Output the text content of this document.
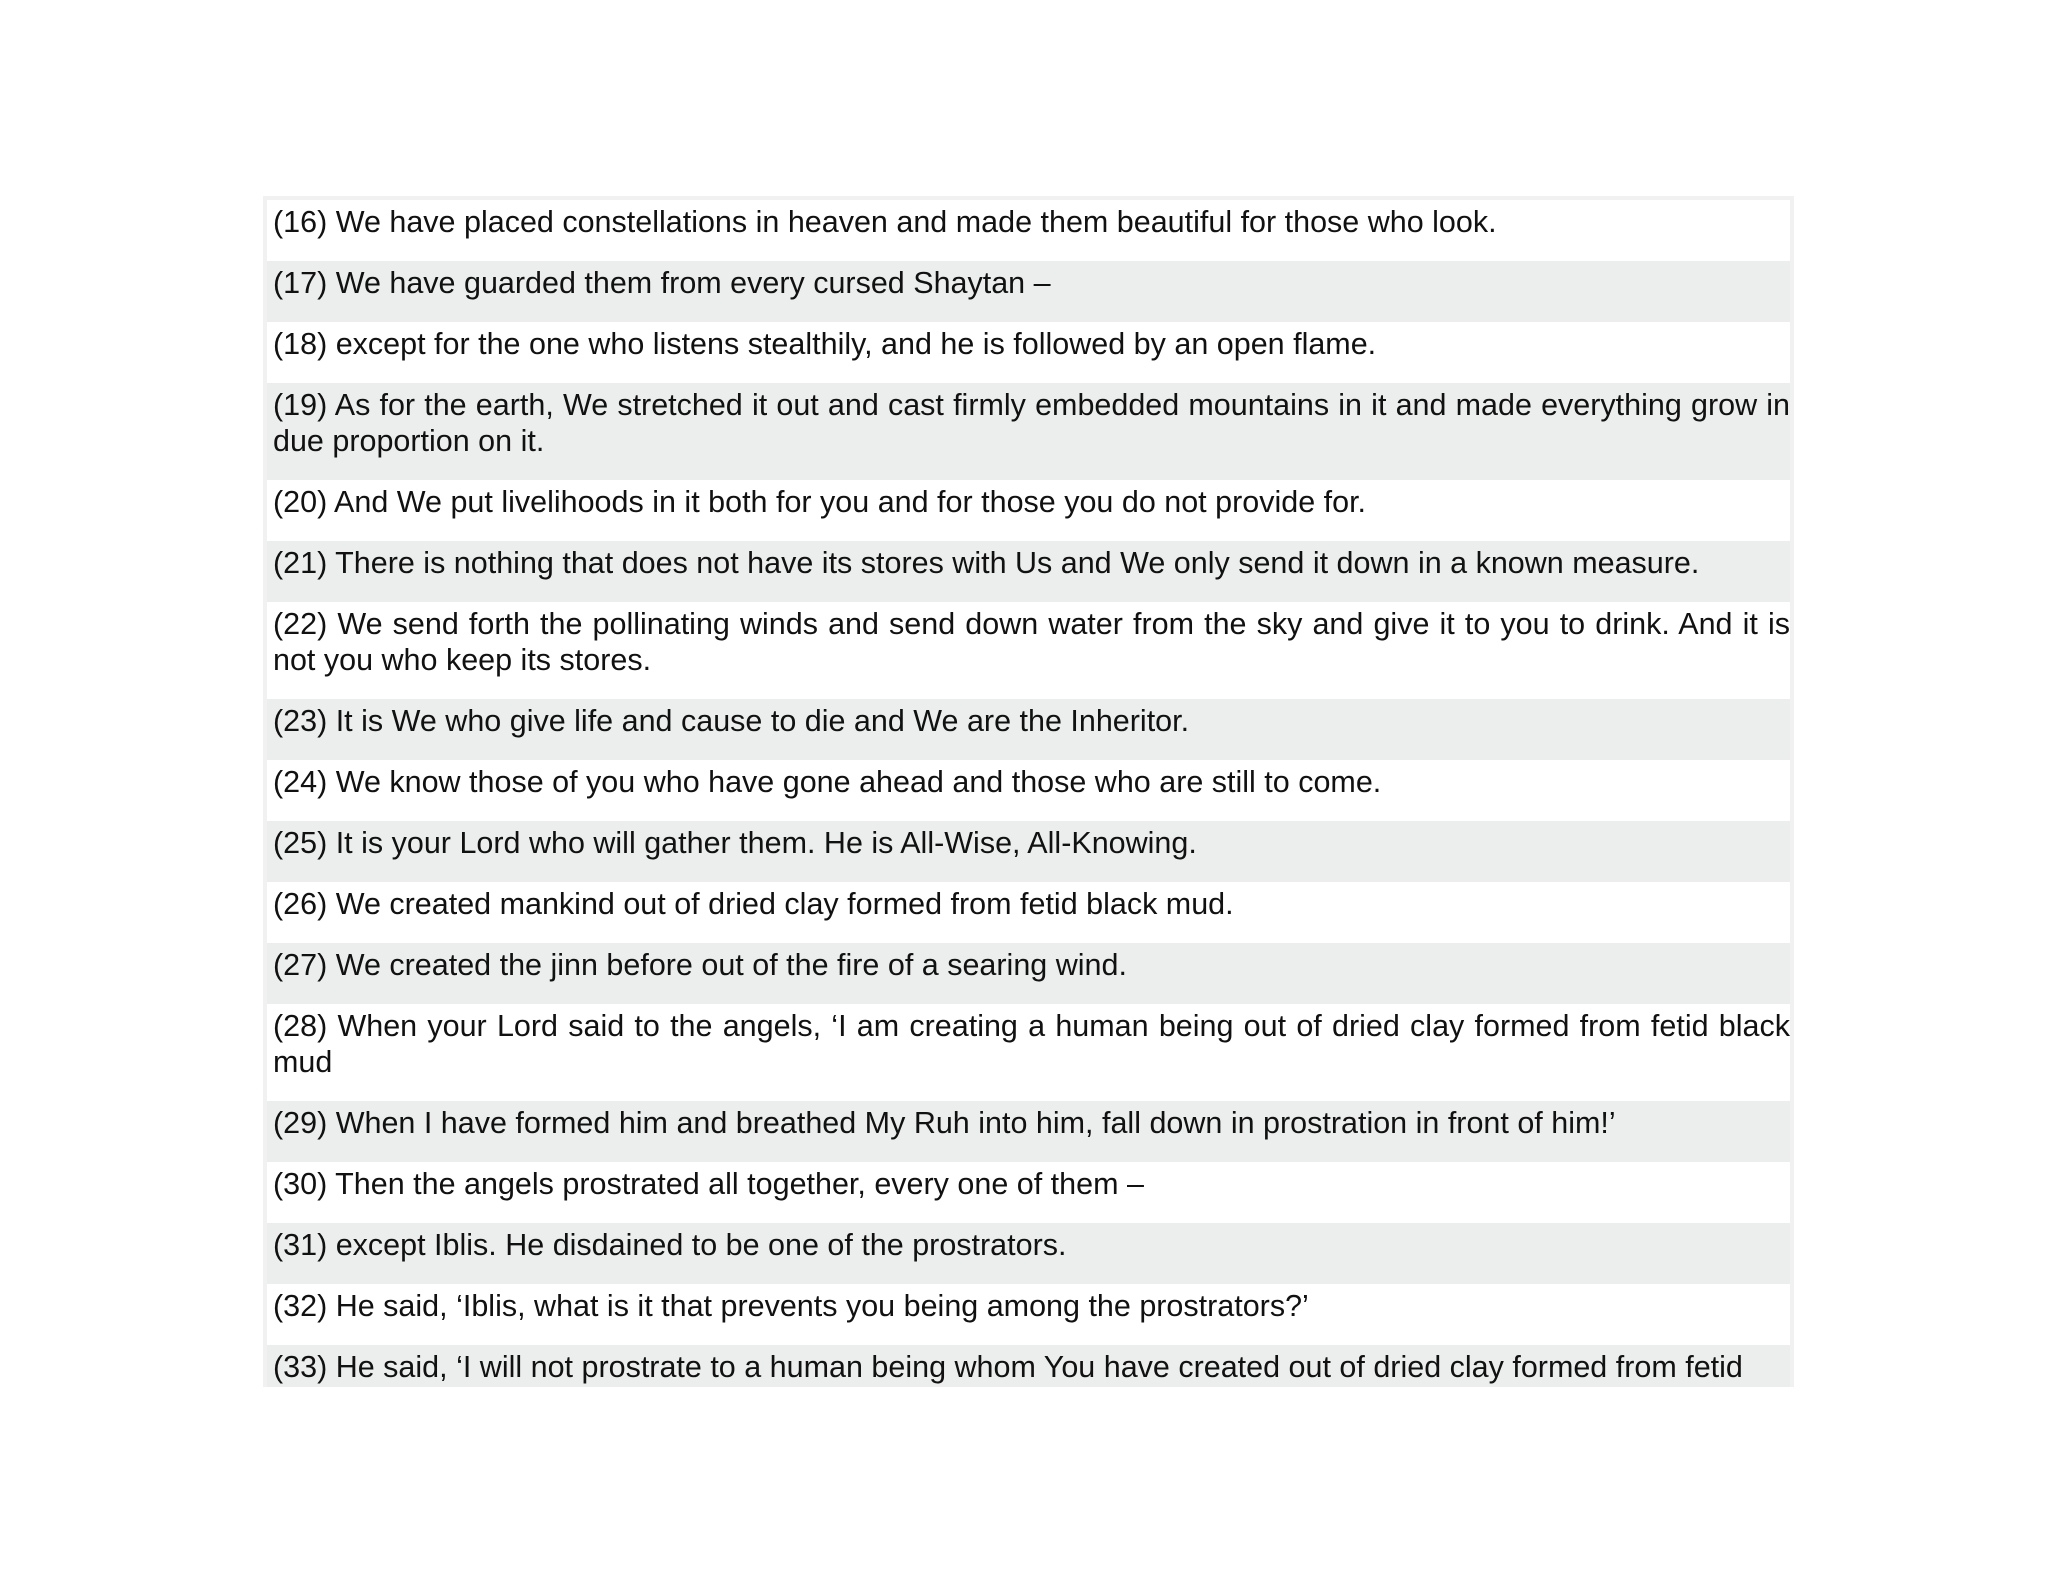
(16) We have placed constellations in heaven and made them beautiful for those who look.
(17) We have guarded them from every cursed Shaytan –
(18) except for the one who listens stealthily, and he is followed by an open flame.
(19) As for the earth, We stretched it out and cast firmly embedded mountains in it and made everything grow in due proportion on it.
(20) And We put livelihoods in it both for you and for those you do not provide for.
(21) There is nothing that does not have its stores with Us and We only send it down in a known measure.
(22) We send forth the pollinating winds and send down water from the sky and give it to you to drink. And it is not you who keep its stores.
(23) It is We who give life and cause to die and We are the Inheritor.
(24) We know those of you who have gone ahead and those who are still to come.
(25) It is your Lord who will gather them. He is All-Wise, All-Knowing.
(26) We created mankind out of dried clay formed from fetid black mud.
(27) We created the jinn before out of the fire of a searing wind.
(28) When your Lord said to the angels, ‘I am creating a human being out of dried clay formed from fetid black mud
(29) When I have formed him and breathed My Ruh into him, fall down in prostration in front of him!’
(30) Then the angels prostrated all together, every one of them –
(31) except Iblis. He disdained to be one of the prostrators.
(32) He said, ‘Iblis, what is it that prevents you being among the prostrators?’
(33) He said, ‘I will not prostrate to a human being whom You have created out of dried clay formed from fetid
